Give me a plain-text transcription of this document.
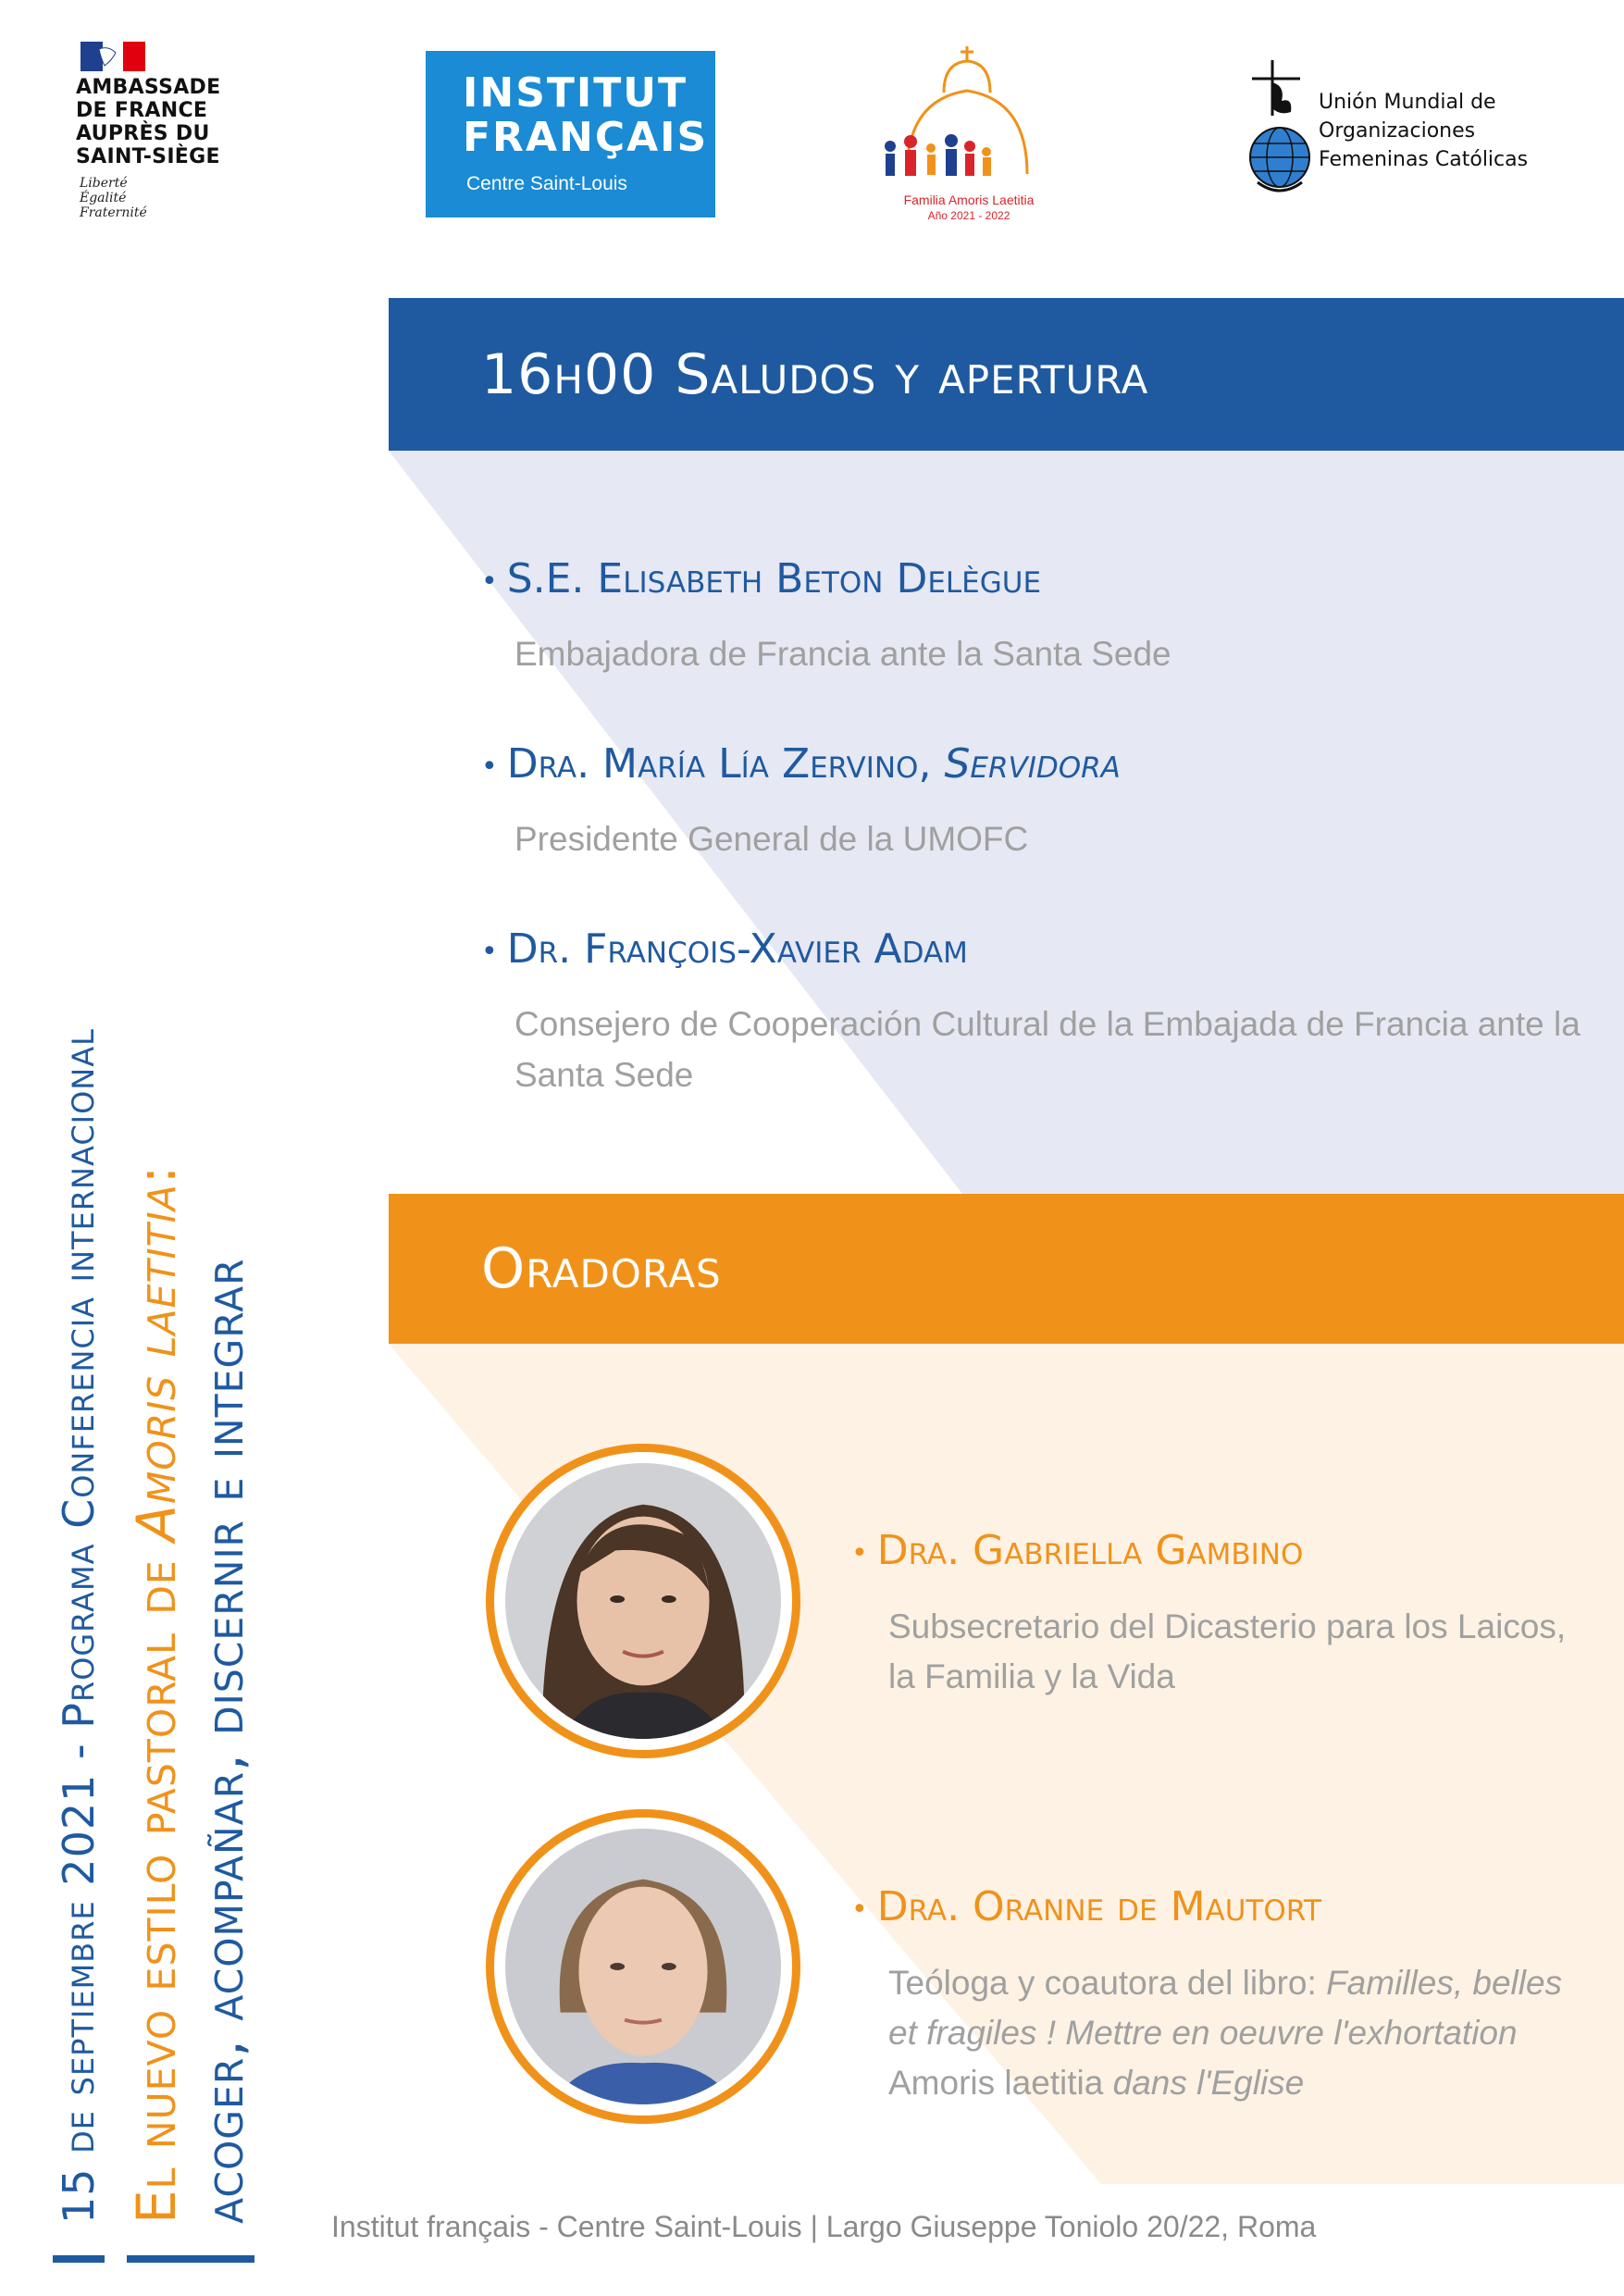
AMBASSADE
DE FRANCE
AUPRÈS DU
SAINT-SIÈGE
Liberté
Égalité
Fraternité
INSTITUT
FRANÇAIS
Centre Saint-Louis
Familia Amoris Laetitia
Año 2021 - 2022
Unión Mundial de
Organizaciones
Femeninas Católicas
15 de septiembre 2021 - Programa Conferencia internacional El nuevo estilo pastoral de Amoris laetitia:
acoger, acompañar, discernir e integrar
16h00 Saludos y apertura
• S.E. Elisabeth Beton Delègue
Embajadora de Francia ante la Santa Sede
• Dra. María Lía Zervino, Servidora
Presidente General de la UMOFC
• Dr. François-Xavier Adam
Consejero de Cooperación Cultural de la Embajada de Francia ante la Santa Sede
Oradoras
• Dra. Gabriella Gambino
Subsecretario del Dicasterio para los Laicos, la Familia y la Vida
• Dra. Oranne de Mautort
Teóloga y coautora del libro: Familles, belles et fragiles ! Mettre en oeuvre l'exhortation Amoris laetitia dans l'Eglise
Institut français - Centre Saint-Louis | Largo Giuseppe Toniolo 20/22, Roma
